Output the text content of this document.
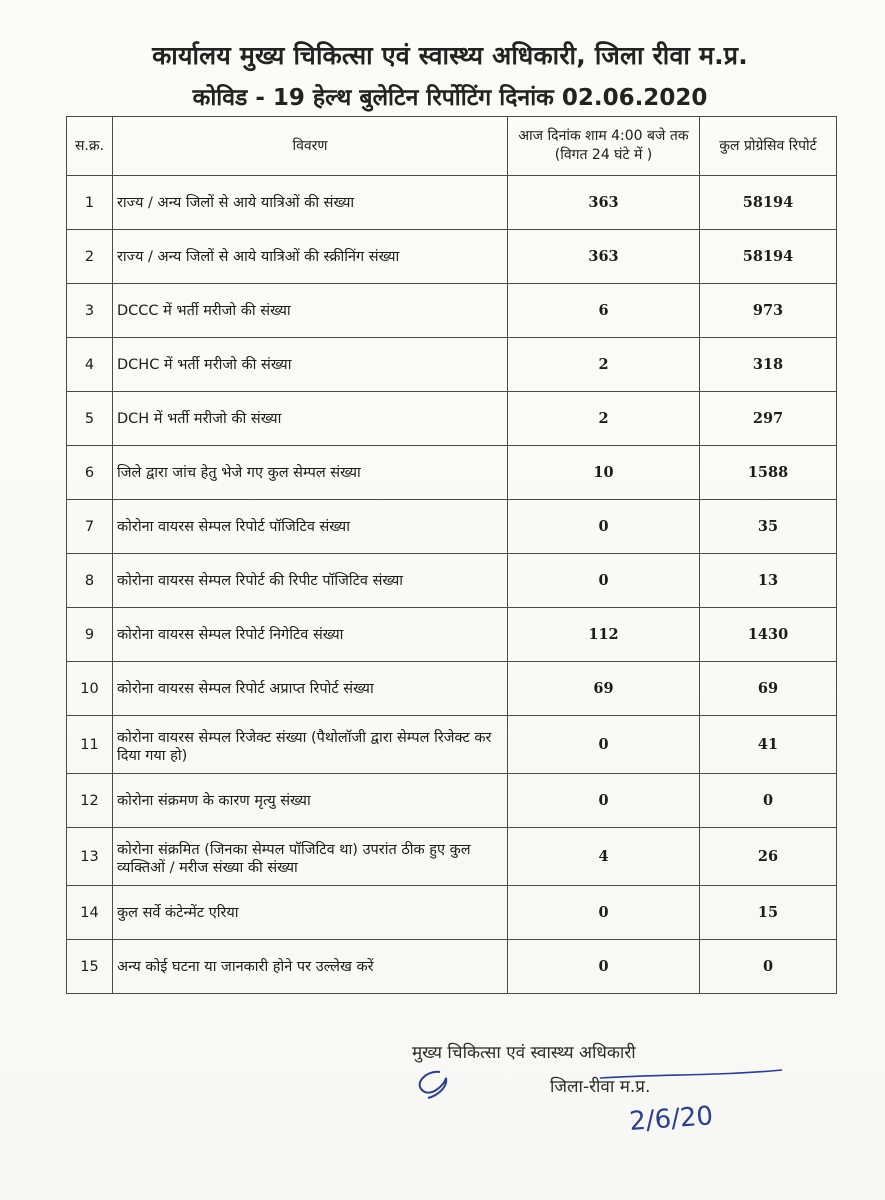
कार्यालय मुख्य चिकित्सा एवं स्वास्थ्य अधिकारी, जिला रीवा म.प्र.
कोविड - 19 हेल्थ बुलेटिन रिर्पोटिंग दिनांक 02.06.2020
स.क्र.	विवरण	आज दिनांक शाम 4:00 बजे तक (विगत 24 घंटे में )	कुल प्रोग्रेसिव रिपोर्ट
1	राज्य / अन्य जिलों से आये यात्रिओं की संख्या	363	58194
2	राज्य / अन्य जिलों से आये यात्रिओं की स्क्रीनिंग संख्या	363	58194
3	DCCC में भर्ती मरीजो की संख्या	6	973
4	DCHC में भर्ती मरीजो की संख्या	2	318
5	DCH में भर्ती मरीजो की संख्या	2	297
6	जिले द्वारा जांच हेतु भेजे गए कुल सेम्पल संख्या	10	1588
7	कोरोना वायरस सेम्पल रिपोर्ट पॉजिटिव संख्या	0	35
8	कोरोना वायरस सेम्पल रिपोर्ट की रिपीट पॉजिटिव संख्या	0	13
9	कोरोना वायरस सेम्पल रिपोर्ट निगेटिव संख्या	112	1430
10	कोरोना वायरस सेम्पल रिपोर्ट अप्राप्त रिपोर्ट संख्या	69	69
11	कोरोना वायरस सेम्पल रिजेक्ट संख्या (पैथोलॉजी द्वारा सेम्पल रिजेक्ट कर दिया गया हो)	0	41
12	कोरोना संक्रमण के कारण मृत्यु संख्या	0	0
13	कोरोना संक्रमित (जिनका सेम्पल पॉजिटिव था) उपरांत ठीक हुए कुल व्यक्तिओं / मरीज संख्या की संख्या	4	26
14	कुल सर्वे कंटेन्मेंट एरिया	0	15
15	अन्य कोई घटना या जानकारी होने पर उल्लेख करें	0	0
मुख्य चिकित्सा एवं स्वास्थ्य अधिकारी
जिला-रीवा म.प्र.
2/6/20
